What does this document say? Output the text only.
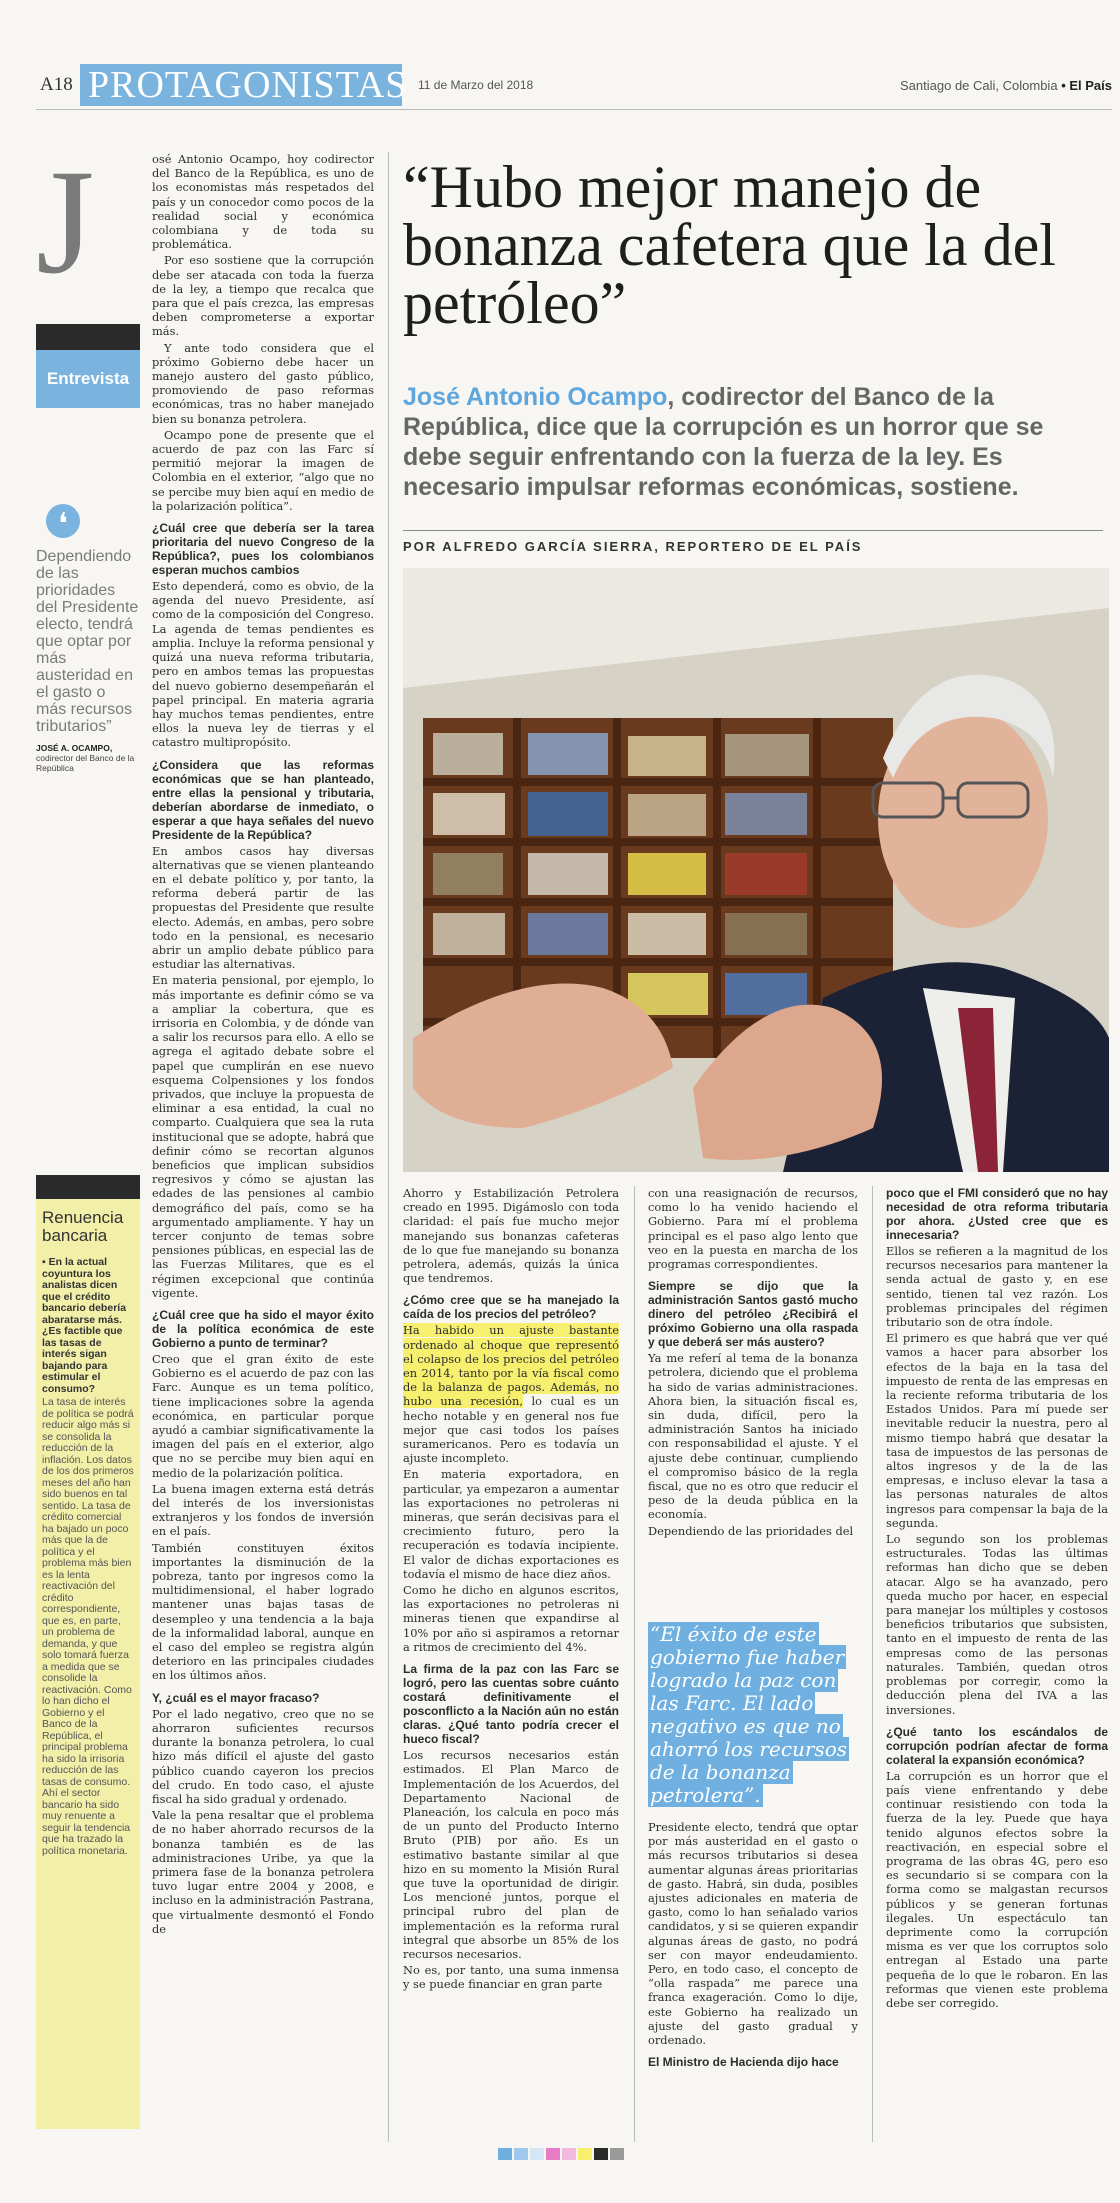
A18 PROTAGONISTAS 11 de Marzo del 2018	Santiago de Cali, Colombia • El País
J
Entrevista
❛
Dependiendo de las prioridades del Presidente electo, tendrá que optar por más austeridad en el gasto o más recursos tributarios”
JOSÉ A. OCAMPO,
codirector del Banco de la República
Renuencia bancaria
▪ En la actual coyuntura los analistas dicen que el crédito bancario debería abaratarse más. ¿Es factible que las tasas de interés sigan bajando para estimular el consumo?
La tasa de interés de política se podrá reducir algo más si se consolida la reducción de la inflación. Los datos de los dos primeros meses del año han sido buenos en tal sentido. La tasa de crédito comercial ha bajado un poco más que la de política y el problema más bien es la lenta reactivación del crédito correspondiente, que es, en parte, un problema de demanda, y que solo tomará fuerza a medida que se consolide la reactivación. Como lo han dicho el Gobierno y el Banco de la República, el principal problema ha sido la irrisoria reducción de las tasas de consumo. Ahí el sector bancario ha sido muy renuente a seguir la tendencia que ha trazado la política monetaria.

osé Antonio Ocampo, hoy codirector del Banco de la República, es uno de los economistas más respetados del país y un conocedor como pocos de la realidad social y económica colombiana y de toda su problemática.

Por eso sostiene que la corrupción debe ser atacada con toda la fuerza de la ley, a tiempo que recalca que para que el país crezca, las empresas deben comprometerse a exportar más.

Y ante todo considera que el próximo Gobierno debe hacer un manejo austero del gasto público, promoviendo de paso reformas económicas, tras no haber manejado bien su bonanza petrolera.

Ocampo pone de presente que el acuerdo de paz con las Farc sí permitió mejorar la imagen de Colombia en el exterior, “algo que no se percibe muy bien aquí en medio de la polarización política”.

¿Cuál cree que debería ser la tarea prioritaria del nuevo Congreso de la República?, pues los colombianos esperan muchos cambios

Esto dependerá, como es obvio, de la agenda del nuevo Presidente, así como de la composición del Congreso. La agenda de temas pendientes es amplia. Incluye la reforma pensional y quizá una nueva reforma tributaria, pero en ambos temas las propuestas del nuevo gobierno desempeñarán el papel principal. En materia agraria hay muchos temas pendientes, entre ellos la nueva ley de tierras y el catastro multipropósito.

¿Considera que las reformas económicas que se han planteado, entre ellas la pensional y tributaria, deberían abordarse de inmediato, o esperar a que haya señales del nuevo Presidente de la República?

En ambos casos hay diversas alternativas que se vienen planteando en el debate político y, por tanto, la reforma deberá partir de las propuestas del Presidente que resulte electo. Además, en ambas, pero sobre todo en la pensional, es necesario abrir un amplio debate público para estudiar las alternativas.

En materia pensional, por ejemplo, lo más importante es definir cómo se va a ampliar la cobertura, que es irrisoria en Colombia, y de dónde van a salir los recursos para ello. A ello se agrega el agitado debate sobre el papel que cumplirán en ese nuevo esquema Colpensiones y los fondos privados, que incluye la propuesta de eliminar a esa entidad, la cual no comparto. Cualquiera que sea la ruta institucional que se adopte, habrá que definir cómo se recortan algunos beneficios que implican subsidios regresivos y cómo se ajustan las edades de las pensiones al cambio demográfico del país, como se ha argumentado ampliamente. Y hay un tercer conjunto de temas sobre pensiones públicas, en especial las de las Fuerzas Militares, que es el régimen excepcional que continúa vigente.

¿Cuál cree que ha sido el mayor éxito de la política económica de este Gobierno a punto de terminar?

Creo que el gran éxito de este Gobierno es el acuerdo de paz con las Farc. Aunque es un tema político, tiene implicaciones sobre la agenda económica, en particular porque ayudó a cambiar significativamente la imagen del país en el exterior, algo que no se percibe muy bien aquí en medio de la polarización política.

La buena imagen externa está detrás del interés de los inversionistas extranjeros y los fondos de inversión en el país.

También constituyen éxitos importantes la disminución de la pobreza, tanto por ingresos como la multidimensional, el haber logrado mantener unas bajas tasas de desempleo y una tendencia a la baja de la informalidad laboral, aunque en el caso del empleo se registra algún deterioro en las principales ciudades en los últimos años.

Y, ¿cuál es el mayor fracaso?

Por el lado negativo, creo que no se ahorraron suficientes recursos durante la bonanza petrolera, lo cual hizo más difícil el ajuste del gasto público cuando cayeron los precios del crudo. En todo caso, el ajuste fiscal ha sido gradual y ordenado.

Vale la pena resaltar que el problema de no haber ahorrado recursos de la bonanza también es de las administraciones Uribe, ya que la primera fase de la bonanza petrolera tuvo lugar entre 2004 y 2008, e incluso en la administración Pastrana, que virtualmente desmontó el Fondo de

“Hubo mejor manejo de bonanza cafetera que la del petróleo”
José Antonio Ocampo, codirector del Banco de la República, dice que la corrupción es un horror que se debe seguir enfrentando con la fuerza de la ley. Es necesario impulsar reformas económicas, sostiene.
POR ALFREDO GARCÍA SIERRA, REPORTERO DE EL PAÍS

Ahorro y Estabilización Petrolera creado en 1995. Digámoslo con toda claridad: el país fue mucho mejor manejando sus bonanzas cafeteras de lo que fue manejando su bonanza petrolera, además, quizás la única que tendremos.

¿Cómo cree que se ha manejado la caída de los precios del petróleo?

Ha habido un ajuste bastante ordenado al choque que representó el colapso de los precios del petróleo en 2014, tanto por la vía fiscal como de la balanza de pagos. Además, no hubo una recesión, lo cual es un hecho notable y en general nos fue mejor que casi todos los países suramericanos. Pero es todavía un ajuste incompleto.

En materia exportadora, en particular, ya empezaron a aumentar las exportaciones no petroleras ni mineras, que serán decisivas para el crecimiento futuro, pero la recuperación es todavía incipiente. El valor de dichas exportaciones es todavía el mismo de hace diez años.

Como he dicho en algunos escritos, las exportaciones no petroleras ni mineras tienen que expandirse al 10% por año si aspiramos a retornar a ritmos de crecimiento del 4%.

La firma de la paz con las Farc se logró, pero las cuentas sobre cuánto costará definitivamente el posconflicto a la Nación aún no están claras. ¿Qué tanto podría crecer el hueco fiscal?

Los recursos necesarios están estimados. El Plan Marco de Implementación de los Acuerdos, del Departamento Nacional de Planeación, los calcula en poco más de un punto del Producto Interno Bruto (PIB) por año. Es un estimativo bastante similar al que hizo en su momento la Misión Rural que tuve la oportunidad de dirigir. Los mencioné juntos, porque el principal rubro del plan de implementación es la reforma rural integral que absorbe un 85% de los recursos necesarios.

No es, por tanto, una suma inmensa y se puede financiar en gran parte

con una reasignación de recursos, como lo ha venido haciendo el Gobierno. Para mí el problema principal es el paso algo lento que veo en la puesta en marcha de los programas correspondientes.

Siempre se dijo que la administración Santos gastó mucho dinero del petróleo ¿Recibirá el próximo Gobierno una olla raspada y que deberá ser más austero?

Ya me referí al tema de la bonanza petrolera, diciendo que el problema ha sido de varias administraciones. Ahora bien, la situación fiscal es, sin duda, difícil, pero la administración Santos ha iniciado con responsabilidad el ajuste. Y el ajuste debe continuar, cumpliendo el compromiso básico de la regla fiscal, que no es otro que reducir el peso de la deuda pública en la economía.

Dependiendo de las prioridades del

“El éxito de este gobierno fue haber logrado la paz con las Farc. El lado negativo es que no ahorró los recursos de la bonanza petrolera”.

Presidente electo, tendrá que optar por más austeridad en el gasto o más recursos tributarios si desea aumentar algunas áreas prioritarias de gasto. Habrá, sin duda, posibles ajustes adicionales en materia de gasto, como lo han señalado varios candidatos, y si se quieren expandir algunas áreas de gasto, no podrá ser con mayor endeudamiento. Pero, en todo caso, el concepto de “olla raspada” me parece una franca exageración. Como lo dije, este Gobierno ha realizado un ajuste del gasto gradual y ordenado.

El Ministro de Hacienda dijo hace

poco que el FMI consideró que no hay necesidad de otra reforma tributaria por ahora. ¿Usted cree que es innecesaria?

Ellos se refieren a la magnitud de los recursos necesarios para mantener la senda actual de gasto y, en ese sentido, tienen tal vez razón. Los problemas principales del régimen tributario son de otra índole.

El primero es que habrá que ver qué vamos a hacer para absorber los efectos de la baja en la tasa del impuesto de renta de las empresas en la reciente reforma tributaria de los Estados Unidos. Para mí puede ser inevitable reducir la nuestra, pero al mismo tiempo habrá que desatar la tasa de impuestos de las personas de altos ingresos y de la de las empresas, e incluso elevar la tasa a las personas naturales de altos ingresos para compensar la baja de la segunda.

Lo segundo son los problemas estructurales. Todas las últimas reformas han dicho que se deben atacar. Algo se ha avanzado, pero queda mucho por hacer, en especial para manejar los múltiples y costosos beneficios tributarios que subsisten, tanto en el impuesto de renta de las empresas como de las personas naturales. También, quedan otros problemas por corregir, como la deducción plena del IVA a las inversiones.

¿Qué tanto los escándalos de corrupción podrían afectar de forma colateral la expansión económica?

La corrupción es un horror que el país viene enfrentando y debe continuar resistiendo con toda la fuerza de la ley. Puede que haya tenido algunos efectos sobre la reactivación, en especial sobre el programa de las obras 4G, pero eso es secundario si se compara con la forma como se malgastan recursos públicos y se generan fortunas ilegales. Un espectáculo tan deprimente como la corrupción misma es ver que los corruptos solo entregan al Estado una parte pequeña de lo que le robaron. En las reformas que vienen este problema debe ser corregido.
